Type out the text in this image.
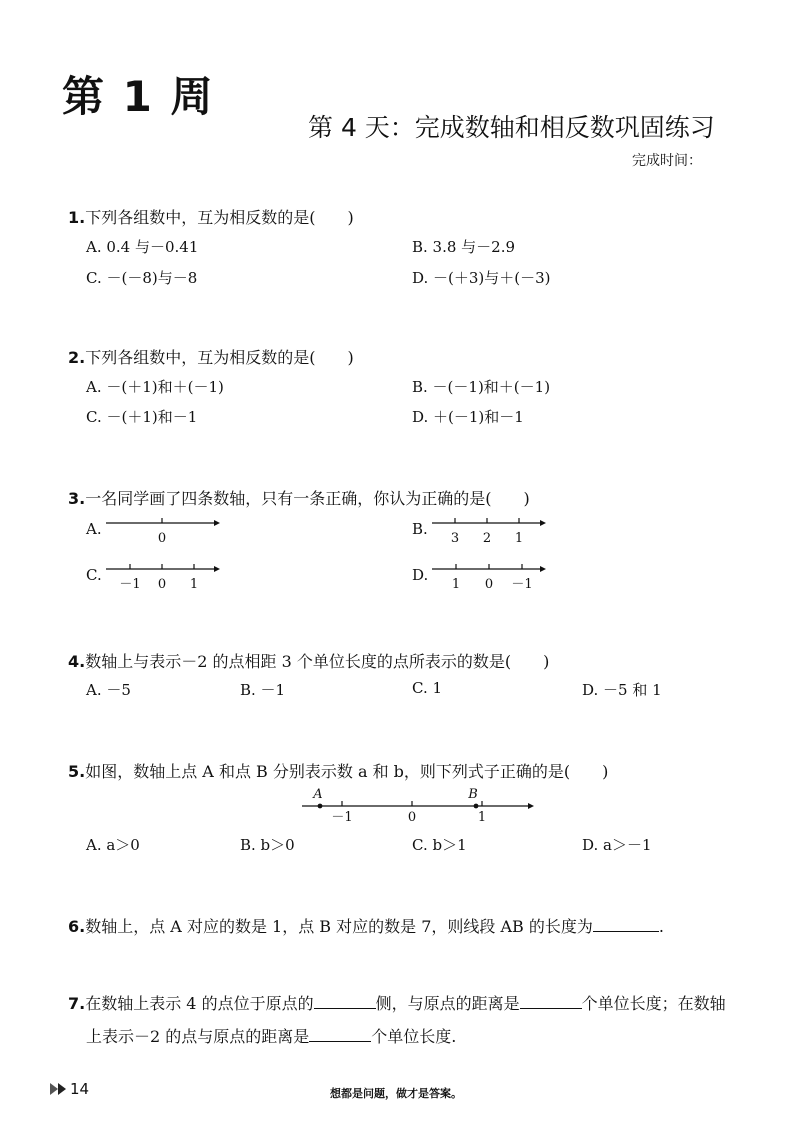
第 1 周
第 4 天：完成数轴和相反数巩固练习
完成时间：
1.下列各组数中，互为相反数的是(　　)
A. 0.4 与－0.41	B. 3.8 与－2.9
C. －(－8)与－8	D. －(＋3)与＋(－3)
2.下列各组数中，互为相反数的是(　　)
A. －(＋1)和＋(－1)	B. －(－1)和＋(－1)
C. －(＋1)和－1	D. ＋(－1)和－1
3.一名同学画了四条数轴，只有一条正确，你认为正确的是(　　)
A.	B.
C.	D.
0	3 2 1
－1 0 1	1 0 －1
4.数轴上与表示－2 的点相距 3 个单位长度的点所表示的数是(　　)
A. －5	B. －1	C. 1	D. －5 和 1
5.如图，数轴上点 A 和点 B 分别表示数 a 和 b，则下列式子正确的是(　　)
A	B
－1	0	1
A. a＞0	B. b＞0	C. b＞1	D. a＞－1
6.数轴上，点 A 对应的数是 1，点 B 对应的数是 7，则线段 AB 的长度为	.
7.在数轴上表示 4 的点位于原点的	侧，与原点的距离是	个单位长度；在数轴
上表示－2 的点与原点的距离是	个单位长度.
14	想都是问题，做才是答案。
